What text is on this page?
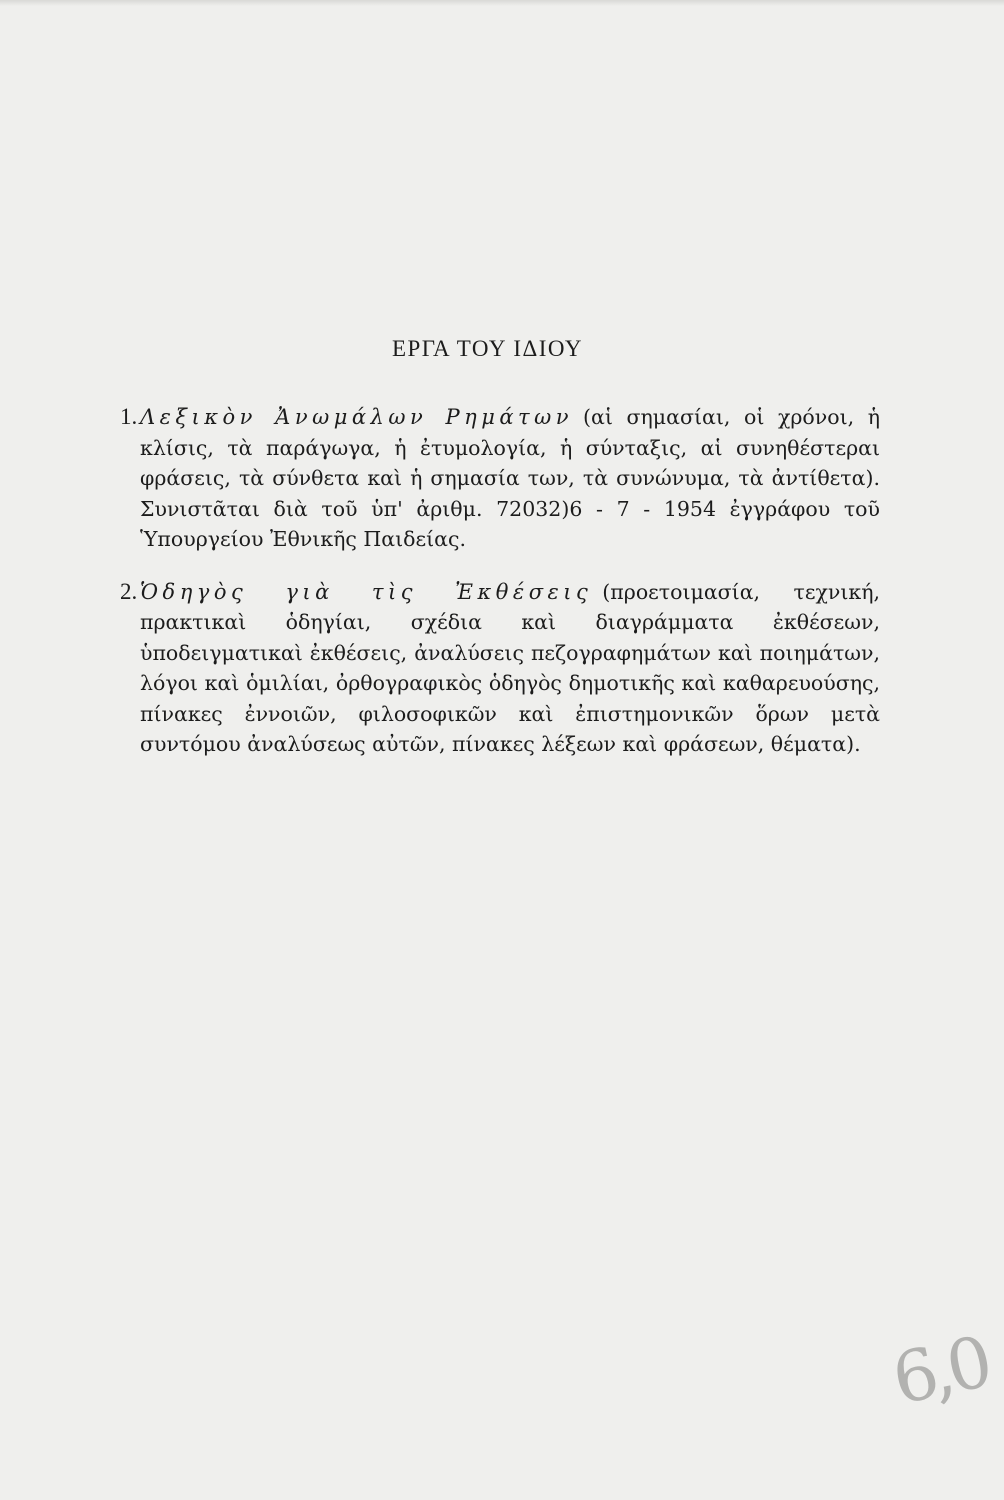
ΕΡΓΑ ΤΟΥ ΙΔΙΟΥ
1. Λεξικὸν Ἀνωμάλων Ρημάτων (αἱ σημασίαι, οἱ χρόνοι, ἡ κλίσις, τὰ παράγωγα, ἡ ἐτυμολογία, ἡ σύνταξις, αἱ συνηθέστεραι φράσεις, τὰ σύνθετα καὶ ἡ σημασία των, τὰ συνώνυμα, τὰ ἀντίθετα). Συνιστᾶται διὰ τοῦ ὑπ' ἀριθμ. 72032)6 - 7 - 1954 ἐγγράφου τοῦ Ὑπουργείου Ἐθνικῆς Παιδείας.
2. Ὁδηγὸς γιὰ τὶς Ἐκθέσεις (προετοιμασία, τεχνική, πρακτικαὶ ὁδηγίαι, σχέδια καὶ διαγράμματα ἐκθέσεων, ὑποδειγματικαὶ ἐκθέσεις, ἀναλύσεις πεζογραφημάτων καὶ ποιημάτων, λόγοι καὶ ὁμιλίαι, ὀρθογραφικὸς ὁδηγὸς δημοτικῆς καὶ καθαρευούσης, πίνακες ἐννοιῶν, φιλοσοφικῶν καὶ ἐπιστημονικῶν ὅρων μετὰ συντόμου ἀναλύσεως αὐτῶν, πίνακες λέξεων καὶ φράσεων, θέματα).
6,0
